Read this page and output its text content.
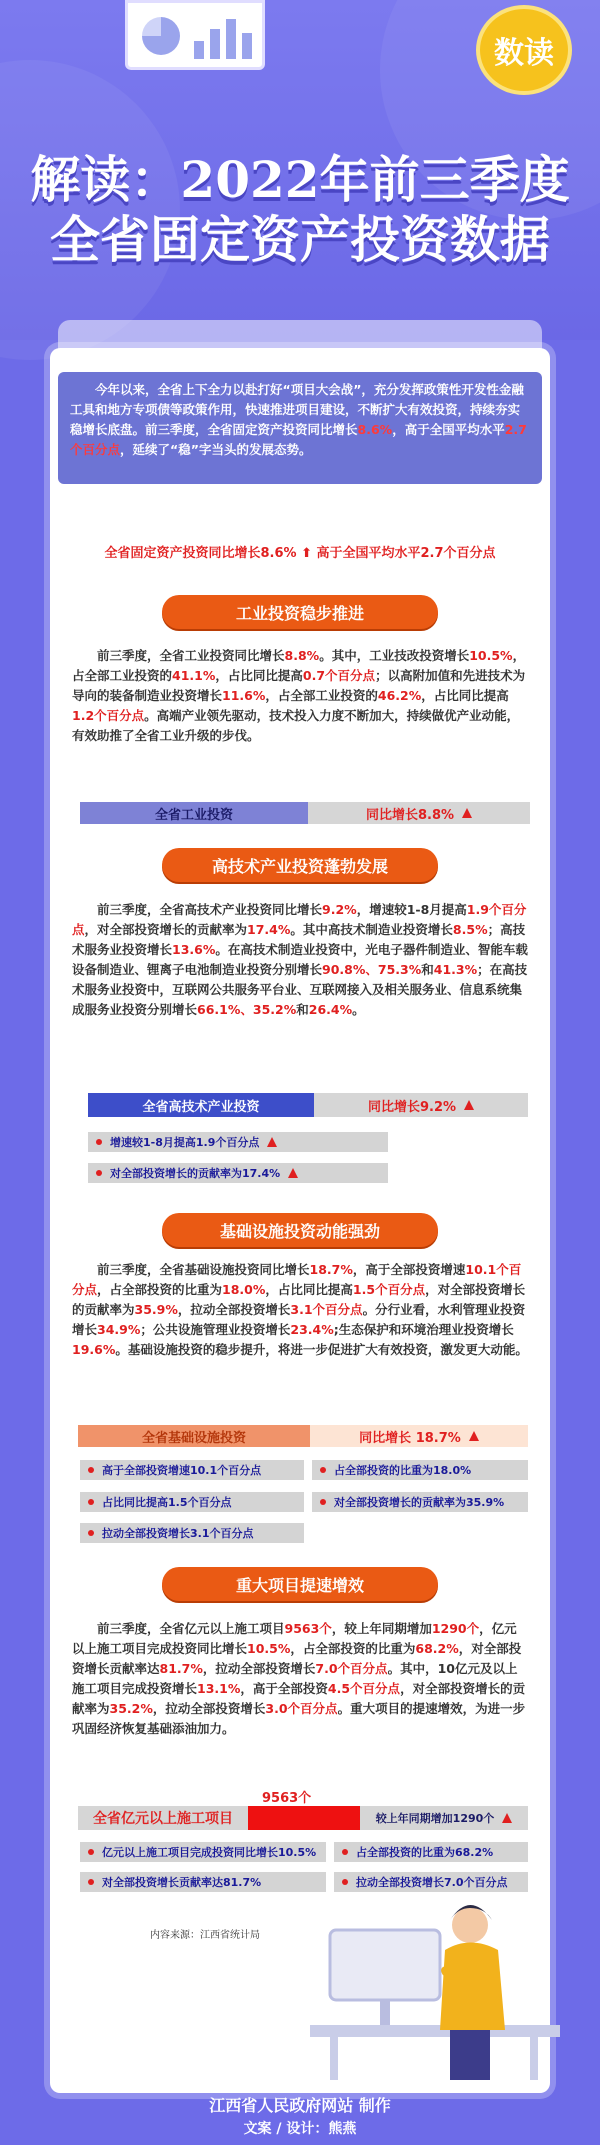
数读
解读：2022年前三季度
全省固定资产投资数据
今年以来，全省上下全力以赴打好“项目大会战”，充分发挥政策性开发性金融工具和地方专项债等政策作用，快速推进项目建设，不断扩大有效投资，持续夯实稳增长底盘。前三季度，全省固定资产投资同比增长8.6%，高于全国平均水平2.7个百分点，延续了“稳”字当头的发展态势。
全省固定资产投资同比增长8.6% ⬆ 高于全国平均水平2.7个百分点
工业投资稳步推进
前三季度，全省工业投资同比增长8.8%。其中，工业技改投资增长10.5%，占全部工业投资的41.1%，占比同比提高0.7个百分点；以高附加值和先进技术为导向的装备制造业投资增长11.6%，占全部工业投资的46.2%，占比同比提高1.2个百分点。高端产业领先驱动，技术投入力度不断加大，持续做优产业动能，有效助推了全省工业升级的步伐。
全省工业投资	同比增长8.8%
高技术产业投资蓬勃发展
前三季度，全省高技术产业投资同比增长9.2%，增速较1-8月提高1.9个百分点，对全部投资增长的贡献率为17.4%。其中高技术制造业投资增长8.5%；高技术服务业投资增长13.6%。在高技术制造业投资中，光电子器件制造业、智能车载设备制造业、锂离子电池制造业投资分别增长90.8%、75.3%和41.3%；在高技术服务业投资中，互联网公共服务平台业、互联网接入及相关服务业、信息系统集成服务业投资分别增长66.1%、35.2%和26.4%。
全省高技术产业投资	同比增长9.2%
增速较1-8月提高1.9个百分点
对全部投资增长的贡献率为17.4%
基础设施投资动能强劲
前三季度，全省基础设施投资同比增长18.7%，高于全部投资增速10.1个百分点，占全部投资的比重为18.0%，占比同比提高1.5个百分点，对全部投资增长的贡献率为35.9%，拉动全部投资增长3.1个百分点。分行业看，水利管理业投资增长34.9%；公共设施管理业投资增长23.4%;生态保护和环境治理业投资增长19.6%。基础设施投资的稳步提升，将进一步促进扩大有效投资，激发更大动能。
全省基础设施投资	同比增长 18.7%
高于全部投资增速10.1个百分点	占全部投资的比重为18.0%
占比同比提高1.5个百分点	对全部投资增长的贡献率为35.9%
拉动全部投资增长3.1个百分点
重大项目提速增效
前三季度，全省亿元以上施工项目9563个，较上年同期增加1290个，亿元以上施工项目完成投资同比增长10.5%，占全部投资的比重为68.2%，对全部投资增长贡献率达81.7%，拉动全部投资增长7.0个百分点。其中，10亿元及以上施工项目完成投资增长13.1%，高于全部投资4.5个百分点，对全部投资增长的贡献率为35.2%，拉动全部投资增长3.0个百分点。重大项目的提速增效，为进一步巩固经济恢复基础添油加力。
9563个
全省亿元以上施工项目	较上年同期增加1290个
亿元以上施工项目完成投资同比增长10.5%	占全部投资的比重为68.2%
对全部投资增长贡献率达81.7%	拉动全部投资增长7.0个百分点
内容来源：江西省统计局
江西省人民政府网站 制作
文案 / 设计：熊燕
